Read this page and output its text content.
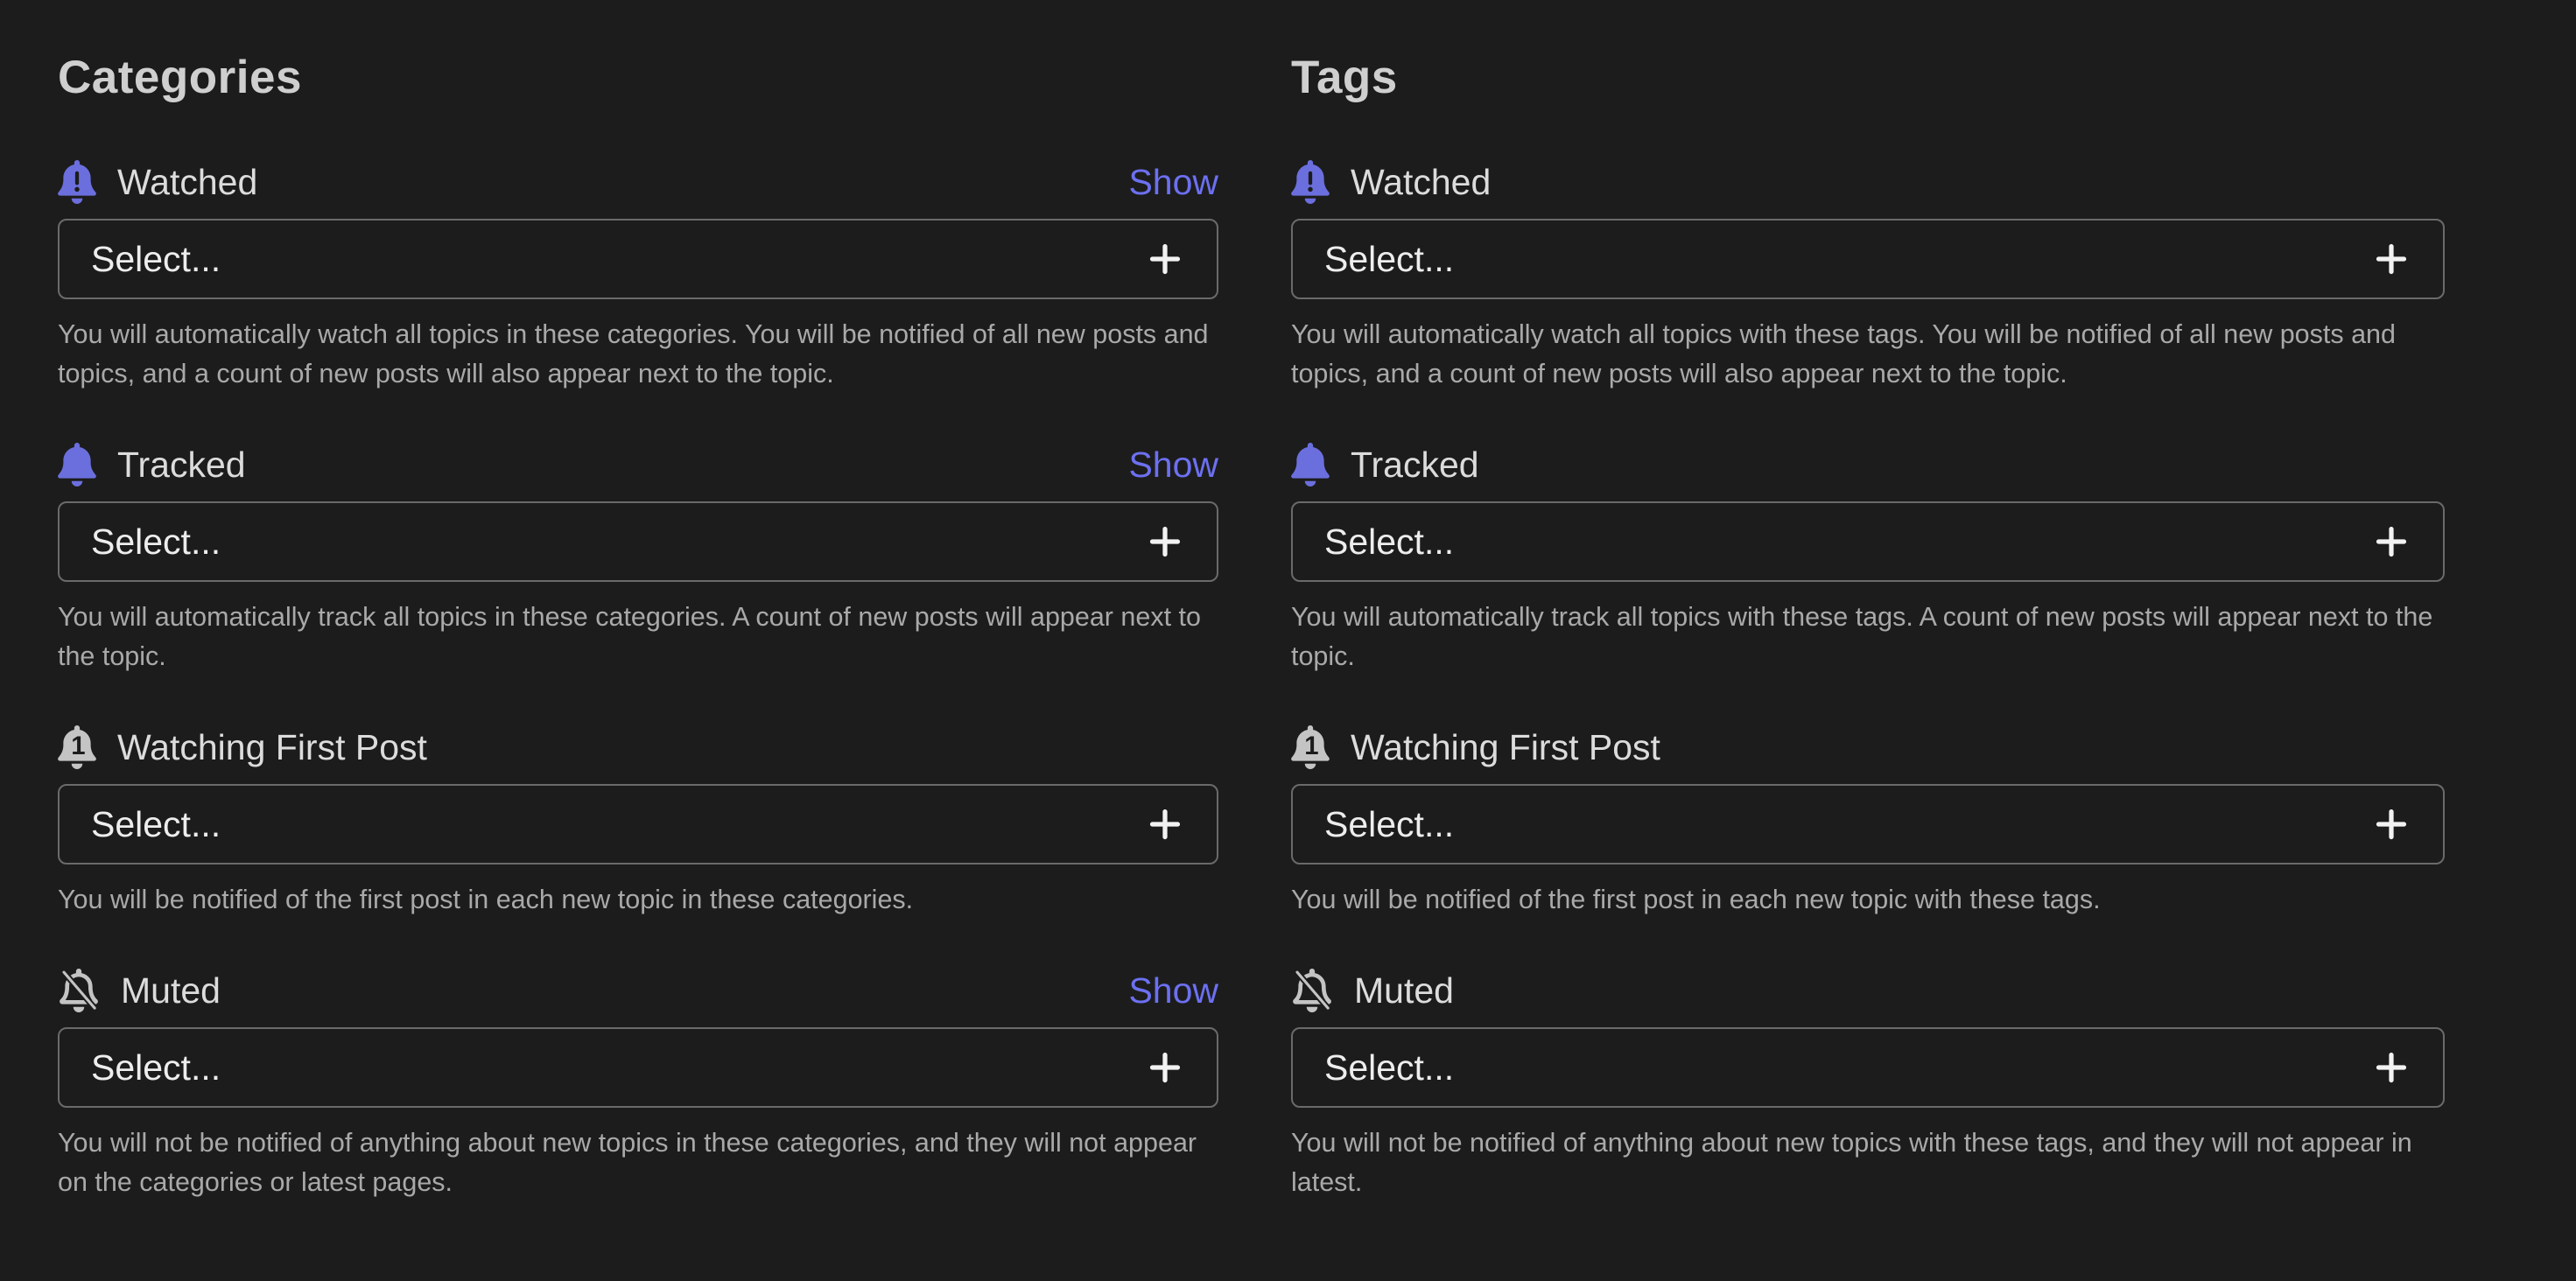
Categories
Watched	Show
Select...

You will automatically watch all topics in these categories. You will be notified of all new posts and topics, and a count of new posts will also appear next to the topic.

Tracked	Show
Select...

You will automatically track all topics in these categories. A count of new posts will appear next to the topic.

1 Watching First Post
Select...

You will be notified of the first post in each new topic in these categories.

Muted	Show
Select...

You will not be notified of anything about new topics in these categories, and they will not appear on the categories or latest pages.

Tags
Watched
Select...

You will automatically watch all topics with these tags. You will be notified of all new posts and topics, and a count of new posts will also appear next to the topic.

Tracked
Select...

You will automatically track all topics with these tags. A count of new posts will appear next to the topic.

1 Watching First Post
Select...

You will be notified of the first post in each new topic with these tags.

Muted
Select...

You will not be notified of anything about new topics with these tags, and they will not appear in latest.
